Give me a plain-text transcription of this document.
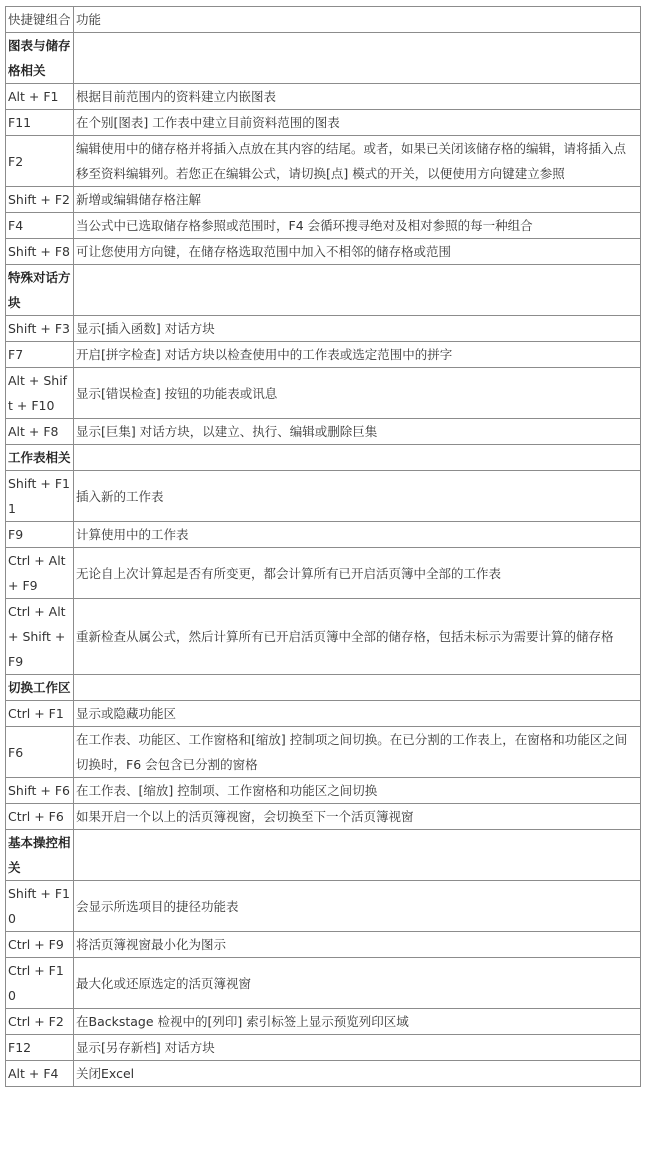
快捷键组合	功能
图表与储存格相关	
Alt + F1	根据目前范围内的资料建立内嵌图表
F11	在个别[图表] 工作表中建立目前资料范围的图表
F2	编辑使用中的储存格并将插入点放在其内容的结尾。或者，如果已关闭该储存格的编辑，请将插入点移至资料编辑列。若您正在编辑公式，请切换[点] 模式的开关，以便使用方向键建立参照
Shift + F2	新增或编辑储存格注解
F4	当公式中已选取储存格参照或范围时，F4 会循环搜寻绝对及相对参照的每一种组合
Shift + F8	可让您使用方向键，在储存格选取范围中加入不相邻的储存格或范围
特殊对话方块	
Shift + F3	显示[插入函数] 对话方块
F7	开启[拼字检查] 对话方块以检查使用中的工作表或选定范围中的拼字
Alt + Shift + F10	显示[错误检查] 按钮的功能表或讯息
Alt + F8	显示[巨集] 对话方块，以建立、执行、编辑或删除巨集
工作表相关	
Shift + F11	插入新的工作表
F9	计算使用中的工作表
Ctrl + Alt + F9	无论自上次计算起是否有所变更，都会计算所有已开启活页簿中全部的工作表
Ctrl + Alt + Shift + F9	重新检查从属公式，然后计算所有已开启活页簿中全部的储存格，包括未标示为需要计算的储存格
切换工作区	
Ctrl + F1	显示或隐藏功能区
F6	在工作表、功能区、工作窗格和[缩放] 控制项之间切换。在已分割的工作表上，在窗格和功能区之间切换时，F6 会包含已分割的窗格
Shift + F6	在工作表、[缩放] 控制项、工作窗格和功能区之间切换
Ctrl + F6	如果开启一个以上的活页簿视窗，会切换至下一个活页簿视窗
基本操控相关	
Shift + F10	会显示所选项目的捷径功能表
Ctrl + F9	将活页簿视窗最小化为图示
Ctrl + F10	最大化或还原选定的活页簿视窗
Ctrl + F2	在Backstage 检视中的[列印] 索引标签上显示预览列印区域
F12	显示[另存新档] 对话方块
Alt + F4	关闭Excel
